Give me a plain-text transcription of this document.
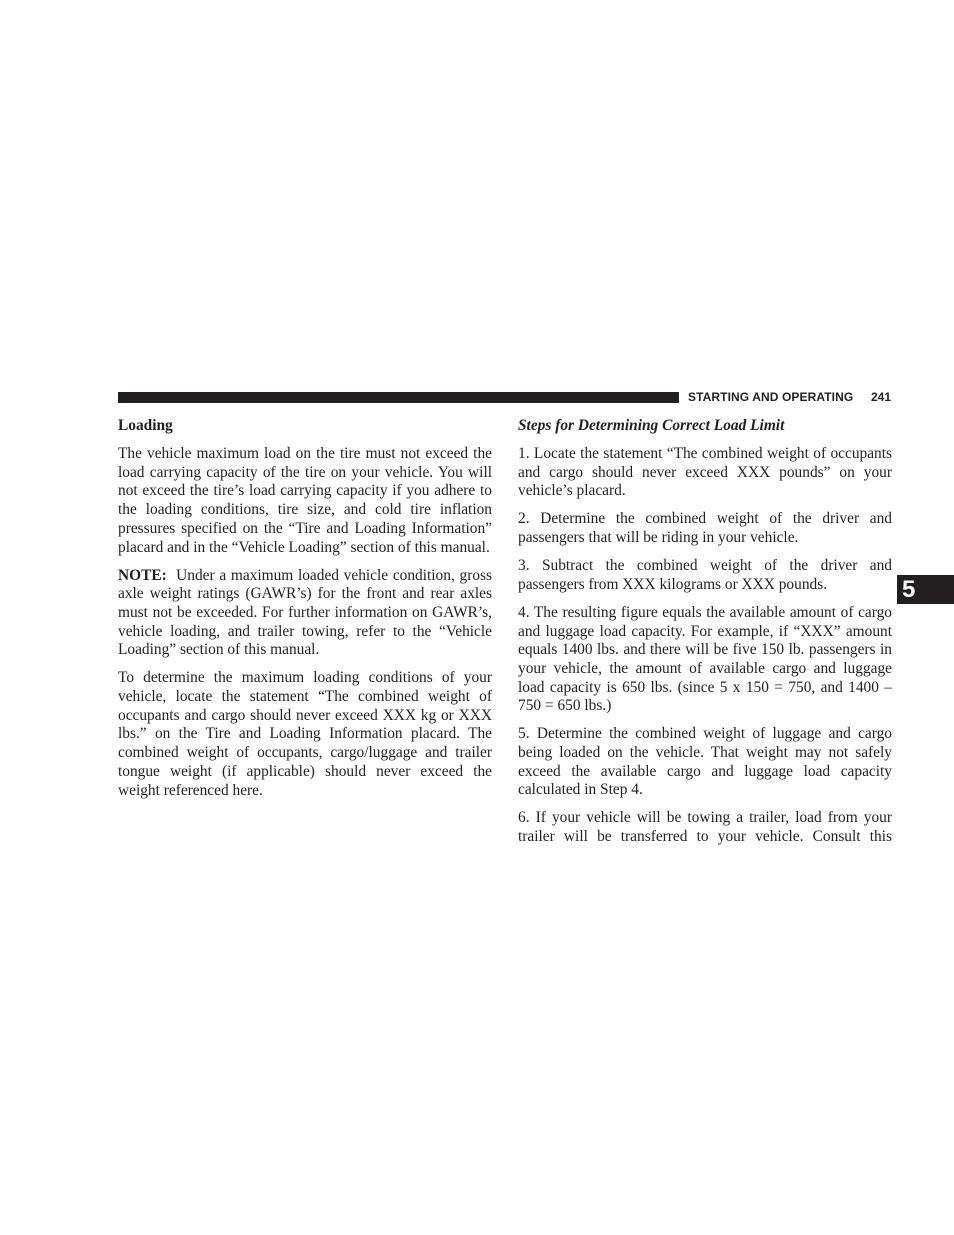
STARTING AND OPERATING 241
5

Loading

The vehicle maximum load on the tire must not exceed the load carrying capacity of the tire on your vehicle. You will not exceed the tire’s load carrying capacity if you adhere to the loading conditions, tire size, and cold tire inflation pressures specified on the “Tire and Loading Information” placard and in the “Vehicle Loading” section of this manual.

NOTE: Under a maximum loaded vehicle condition, gross axle weight ratings (GAWR’s) for the front and rear axles must not be exceeded. For further information on GAWR’s, vehicle loading, and trailer towing, refer to the “Vehicle Loading” section of this manual.

To determine the maximum loading conditions of your vehicle, locate the statement “The combined weight of occupants and cargo should never exceed XXX kg or XXX lbs.” on the Tire and Loading Information placard. The combined weight of occupants, cargo/luggage and trailer tongue weight (if applicable) should never exceed the weight referenced here.

Steps for Determining Correct Load Limit

1. Locate the statement “The combined weight of occupants and cargo should never exceed XXX pounds” on your vehicle’s placard.

2. Determine the combined weight of the driver and passengers that will be riding in your vehicle.

3. Subtract the combined weight of the driver and passengers from XXX kilograms or XXX pounds.

4. The resulting figure equals the available amount of cargo and luggage load capacity. For example, if “XXX” amount equals 1400 lbs. and there will be five 150 lb. passengers in your vehicle, the amount of available cargo and luggage load capacity is 650 lbs. (since 5 x 150 = 750, and 1400 – 750 = 650 lbs.)

5. Determine the combined weight of luggage and cargo being loaded on the vehicle. That weight may not safely exceed the available cargo and luggage load capacity calculated in Step 4.

6. If your vehicle will be towing a trailer, load from your trailer will be transferred to your vehicle. Consult this
